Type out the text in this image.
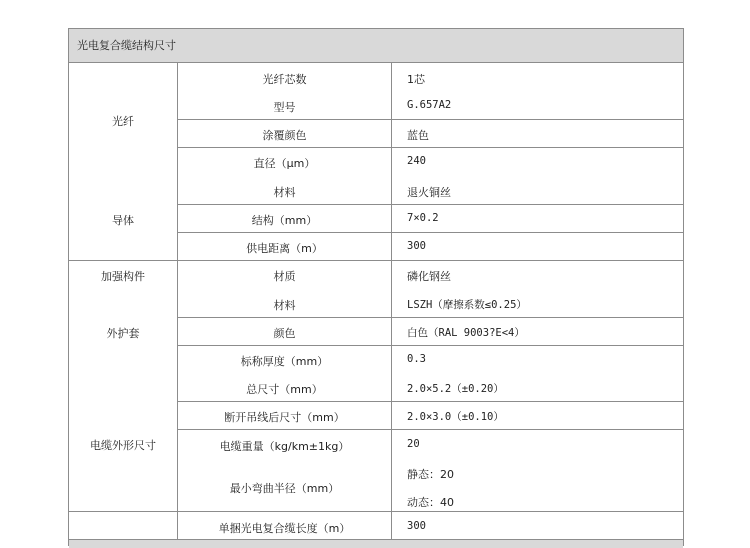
光电复合缆结构尺寸
光纤
导体
加强构件
外护套
电缆外形尺寸
光纤芯数
型号
涂覆颜色
直径（μm）
材料
结构（mm）
供电距离（m）
材质
材料
颜色
标称厚度（mm）
总尺寸（mm）
断开吊线后尺寸（mm）
电缆重量（kg/km±1kg）
最小弯曲半径（mm）
单捆光电复合缆长度（m）
1芯
G.657A2
蓝色
240
退火铜丝
7×0.2
300
磷化钢丝
LSZH（摩擦系数≤0.25）
白色（RAL 9003?E<4）
0.3
2.0×5.2（±0.20）
2.0×3.0（±0.10）
20
静态：20
动态：40
300
